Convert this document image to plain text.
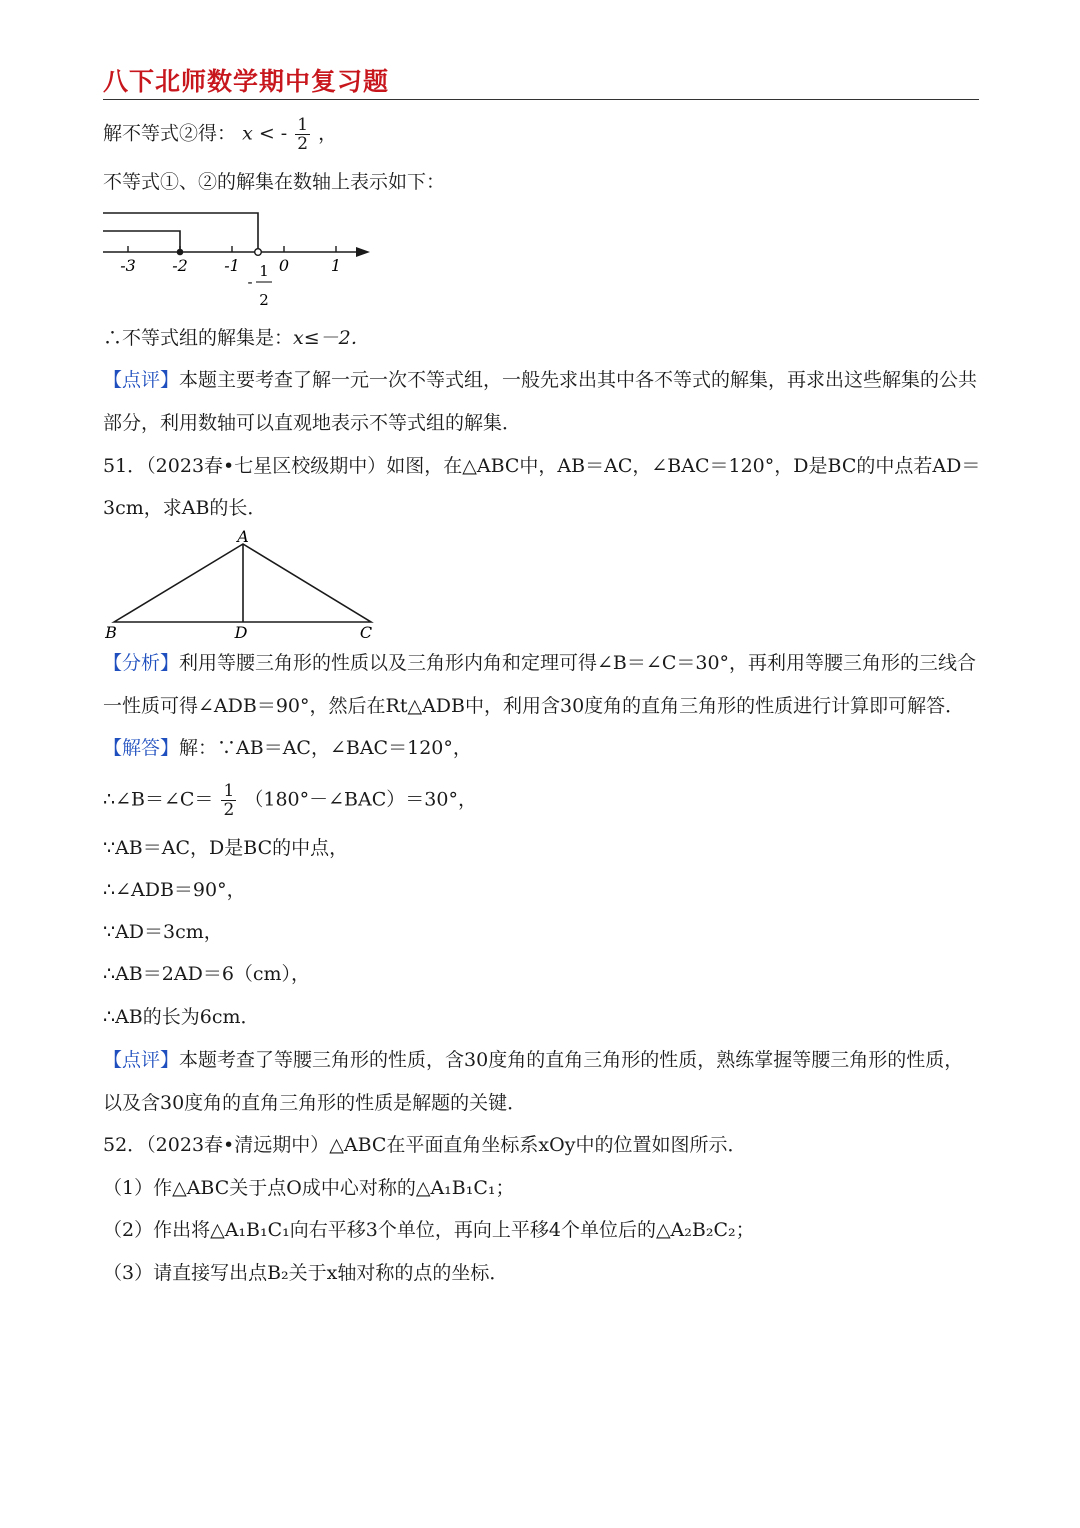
八下北师数学期中复习题
解不等式②得： x < - $\frac{1}{2}$ ，
不等式①、②的解集在数轴上表示如下：
-3 -2 -1 0	1
1
-
2
∴不等式组的解集是：x≤－2．
【点评】本题主要考查了解一元一次不等式组，一般先求出其中各不等式的解集，再求出这些解集的公共
部分，利用数轴可以直观地表示不等式组的解集．
51．（2023春•七星区校级期中）如图，在△ABC中，AB＝AC，∠BAC＝120°，D是BC的中点若AD＝
3cm，求AB的长．
A
B	D	C
【分析】利用等腰三角形的性质以及三角形内角和定理可得∠B＝∠C＝30°，再利用等腰三角形的三线合
一性质可得∠ADB＝90°，然后在Rt△ADB中，利用含30度角的直角三角形的性质进行计算即可解答．
【解答】解：∵AB＝AC，∠BAC＝120°，
∴∠B＝∠C＝ $\frac{1}{2}$ （180°－∠BAC）＝30°，
∵AB＝AC，D是BC的中点，
∴∠ADB＝90°，
∵AD＝3cm，
∴AB＝2AD＝6（cm），
∴AB的长为6cm．
【点评】本题考查了等腰三角形的性质，含30度角的直角三角形的性质，熟练掌握等腰三角形的性质，
以及含30度角的直角三角形的性质是解题的关键．
52．（2023春•清远期中）△ABC在平面直角坐标系xOy中的位置如图所示．
（1）作△ABC关于点O成中心对称的△A₁B₁C₁；
（2）作出将△A₁B₁C₁向右平移3个单位，再向上平移4个单位后的△A₂B₂C₂；
（3）请直接写出点B₂关于x轴对称的点的坐标．
